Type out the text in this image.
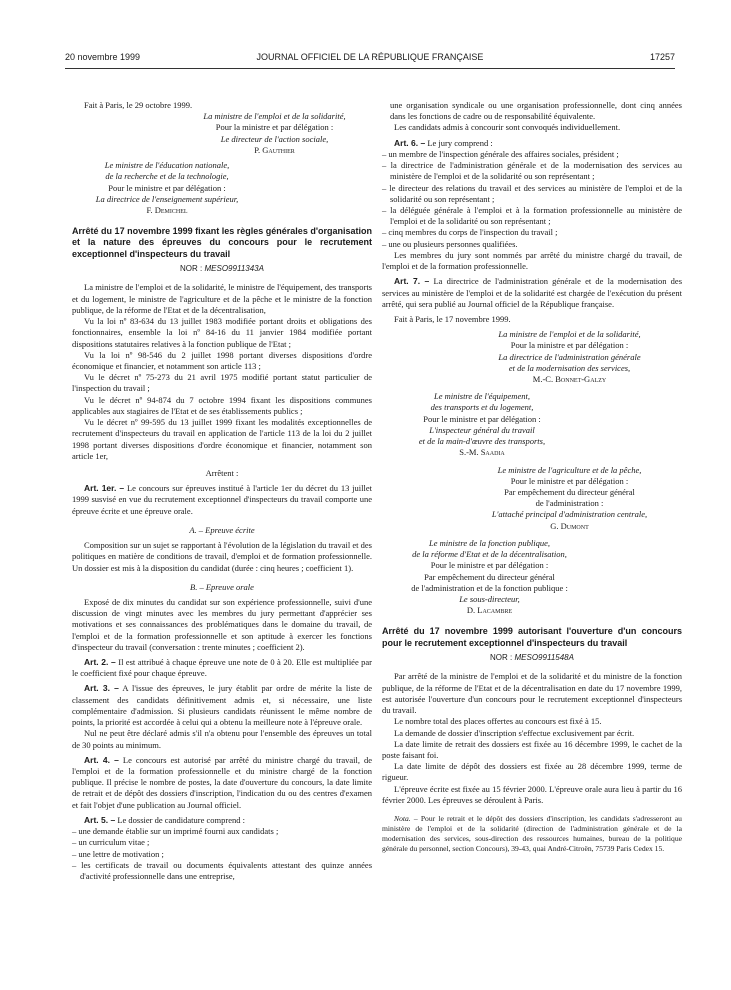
20 novembre 1999	JOURNAL OFFICIEL DE LA RÉPUBLIQUE FRANÇAISE	17257

Fait à Paris, le 29 octobre 1999.

La ministre de l'emploi et de la solidarité,

Pour la ministre et par délégation :

Le directeur de l'action sociale,

P. Gauthier

Le ministre de l'éducation nationale,

de la recherche et de la technologie,

Pour le ministre et par délégation :

La directrice de l'enseignement supérieur,

F. Demichel

Arrêté du 17 novembre 1999 fixant les règles générales d'organisation et la nature des épreuves du concours pour le recrutement exceptionnel d'inspecteurs du travail

NOR : MESO9911343A

La ministre de l'emploi et de la solidarité, le ministre de l'équipement, des transports et du logement, le ministre de l'agriculture et de la pêche et le ministre de la fonction publique, de la réforme de l'Etat et de la décentralisation,

Vu la loi nº 83-634 du 13 juillet 1983 modifiée portant droits et obligations des fonctionnaires, ensemble la loi nº 84-16 du 11 janvier 1984 modifiée portant dispositions statutaires relatives à la fonction publique de l'Etat ;

Vu la loi nº 98-546 du 2 juillet 1998 portant diverses dispositions d'ordre économique et financier, et notamment son article 113 ;

Vu le décret nº 75-273 du 21 avril 1975 modifié portant statut particulier de l'inspection du travail ;

Vu le décret nº 94-874 du 7 octobre 1994 fixant les dispositions communes applicables aux stagiaires de l'Etat et de ses établissements publics ;

Vu le décret nº 99-595 du 13 juillet 1999 fixant les modalités exceptionnelles de recrutement d'inspecteurs du travail en application de l'article 113 de la loi du 2 juillet 1998 portant diverses dispositions d'ordre économique et financier, notamment son article 1er,

Arrêtent :

Art. 1er. – Le concours sur épreuves institué à l'article 1er du décret du 13 juillet 1999 susvisé en vue du recrutement exceptionnel d'inspecteurs du travail comporte une épreuve écrite et une épreuve orale.

A. – Epreuve écrite

Composition sur un sujet se rapportant à l'évolution de la législation du travail et des politiques en matière de conditions de travail, d'emploi et de formation professionnelle. Un dossier est mis à la disposition du candidat (durée : cinq heures ; coefficient 1).

B. – Epreuve orale

Exposé de dix minutes du candidat sur son expérience professionnelle, suivi d'une discussion de vingt minutes avec les membres du jury permettant d'apprécier ses motivations et ses connaissances des problématiques dans le domaine du travail, de l'emploi et de la formation professionnelle et son aptitude à exercer les fonctions d'inspecteur du travail (conversation : trente minutes ; coefficient 2).

Art. 2. – Il est attribué à chaque épreuve une note de 0 à 20. Elle est multipliée par le coefficient fixé pour chaque épreuve.

Art. 3. – A l'issue des épreuves, le jury établit par ordre de mérite la liste de classement des candidats définitivement admis et, si nécessaire, une liste complémentaire d'admission. Si plusieurs candidats réunissent le même nombre de points, la priorité est accordée à celui qui a obtenu la meilleure note à l'épreuve orale.

Nul ne peut être déclaré admis s'il n'a obtenu pour l'ensemble des épreuves un total de 30 points au minimum.

Art. 4. – Le concours est autorisé par arrêté du ministre chargé du travail, de l'emploi et de la formation professionnelle et du ministre chargé de la fonction publique. Il précise le nombre de postes, la date d'ouverture du concours, la date limite de retrait et de dépôt des dossiers d'inscription, l'indication du ou des centres d'examen et fait l'objet d'une publication au Journal officiel.

Art. 5. – Le dossier de candidature comprend :

– une demande établie sur un imprimé fourni aux candidats ;

– un curriculum vitae ;

– une lettre de motivation ;

– les certificats de travail ou documents équivalents attestant des quinze années d'activité professionnelle dans une entreprise,

une organisation syndicale ou une organisation professionnelle, dont cinq années dans les fonctions de cadre ou de responsabilité équivalente.

Les candidats admis à concourir sont convoqués individuellement.

Art. 6. – Le jury comprend :

– un membre de l'inspection générale des affaires sociales, président ;

– la directrice de l'administration générale et de la modernisation des services au ministère de l'emploi et de la solidarité ou son représentant ;

– le directeur des relations du travail et des services au ministère de l'emploi et de la solidarité ou son représentant ;

– la déléguée générale à l'emploi et à la formation professionnelle au ministère de l'emploi et de la solidarité ou son représentant ;

– cinq membres du corps de l'inspection du travail ;

– une ou plusieurs personnes qualifiées.

Les membres du jury sont nommés par arrêté du ministre chargé du travail, de l'emploi et de la formation professionnelle.

Art. 7. – La directrice de l'administration générale et de la modernisation des services au ministère de l'emploi et de la solidarité est chargée de l'exécution du présent arrêté, qui sera publié au Journal officiel de la République française.

Fait à Paris, le 17 novembre 1999.

La ministre de l'emploi et de la solidarité,

Pour la ministre et par délégation :

La directrice de l'administration générale

et de la modernisation des services,

M.-C. Bonnet-Galzy

Le ministre de l'équipement,

des transports et du logement,

Pour le ministre et par délégation :

L'inspecteur général du travail

et de la main-d'œuvre des transports,

S.-M. Saadia

Le ministre de l'agriculture et de la pêche,

Pour le ministre et par délégation :

Par empêchement du directeur général

de l'administration :

L'attaché principal d'administration centrale,

G. Dumont

Le ministre de la fonction publique,

de la réforme d'Etat et de la décentralisation,

Pour le ministre et par délégation :

Par empêchement du directeur général

de l'administration et de la fonction publique :

Le sous-directeur,

D. Lacambre

Arrêté du 17 novembre 1999 autorisant l'ouverture d'un concours pour le recrutement exceptionnel d'inspecteurs du travail

NOR : MESO9911548A

Par arrêté de la ministre de l'emploi et de la solidarité et du ministre de la fonction publique, de la réforme de l'Etat et de la décentralisation en date du 17 novembre 1999, est autorisée l'ouverture d'un concours pour le recrutement exceptionnel d'inspecteurs du travail.

Le nombre total des places offertes au concours est fixé à 15.

La demande de dossier d'inscription s'effectue exclusivement par écrit.

La date limite de retrait des dossiers est fixée au 16 décembre 1999, le cachet de la poste faisant foi.

La date limite de dépôt des dossiers est fixée au 28 décembre 1999, terme de rigueur.

L'épreuve écrite est fixée au 15 février 2000. L'épreuve orale aura lieu à partir du 16 février 2000. Les épreuves se déroulent à Paris.

Nota. – Pour le retrait et le dépôt des dossiers d'inscription, les candidats s'adresseront au ministère de l'emploi et de la solidarité (direction de l'administration générale et de la modernisation des services, sous-direction des ressources humaines, bureau de la politique générale du personnel, section Concours), 39-43, quai André-Citroën, 75739 Paris Cedex 15.
